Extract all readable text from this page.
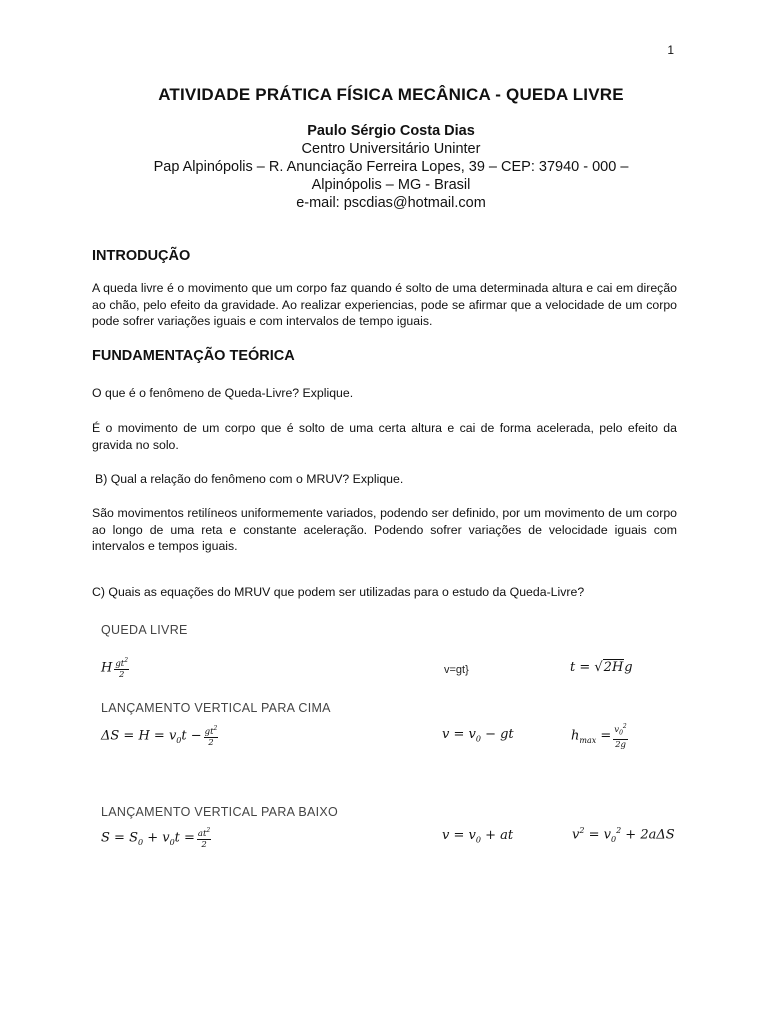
1
ATIVIDADE PRÁTICA FÍSICA MECÂNICA - QUEDA LIVRE
Paulo Sérgio Costa Dias
Centro Universitário Uninter
Pap Alpinópolis – R. Anunciação Ferreira Lopes, 39 – CEP: 37940 - 000 –
Alpinópolis – MG - Brasil
e-mail: pscdias@hotmail.com
INTRODUÇÃO
A queda livre é o movimento que um corpo faz quando é solto de uma determinada altura e cai em direção ao chão, pelo efeito da gravidade. Ao realizar experiencias, pode se afirmar que a velocidade de um corpo pode sofrer variações iguais e com intervalos de tempo iguais.
FUNDAMENTAÇÃO TEÓRICA
O que é o fenômeno de Queda-Livre? Explique.
É o movimento de um corpo que é solto de uma certa altura e cai de forma acelerada, pelo efeito da gravida no solo.
B) Qual a relação do fenômeno com o MRUV? Explique.
São movimentos retilíneos uniformemente variados, podendo ser definido, por um movimento de um corpo ao longo de uma reta e constante aceleração. Podendo sofrer variações de velocidade iguais com intervalos e tempos iguais.
C) Quais as equações do MRUV que podem ser utilizadas para o estudo da Queda-Livre?
QUEDA LIVRE
H $\frac{gt^2}{2}$	v=gt}	t = √2Hg
LANÇAMENTO VERTICAL PARA CIMA
$\Delta S = H = v_0t - \frac{gt^2}{2}$	$v = v_0$ − gt	$h_{max} = \frac{v_0^2}{2g}$
LANÇAMENTO VERTICAL PARA BAIXO
$S = S_0 + v_0t = \frac{at^2}{2}$	$v = v_0$ + at	$v^2 = v_0^2 + 2a\Delta S$
